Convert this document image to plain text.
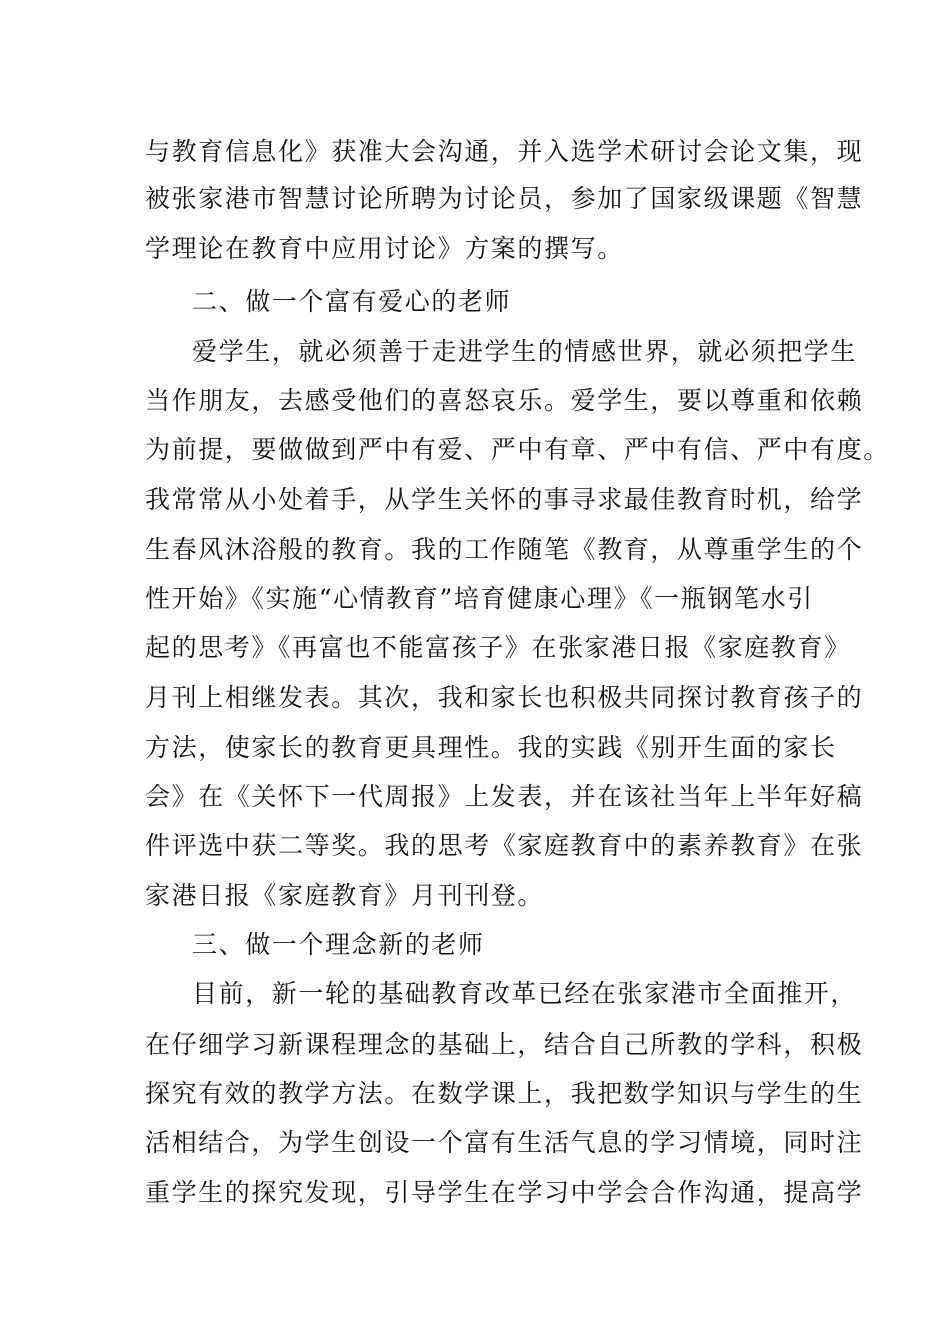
与教育信息化》获准大会沟通，并入选学术研讨会论文集，现
被张家港市智慧讨论所聘为讨论员，参加了国家级课题《智慧
学理论在教育中应用讨论》方案的撰写。
二、做一个富有爱心的老师
爱学生，就必须善于走进学生的情感世界，就必须把学生
当作朋友，去感受他们的喜怒哀乐。爱学生，要以尊重和依赖
为前提，要做做到严中有爱、严中有章、严中有信、严中有度。
我常常从小处着手，从学生关怀的事寻求最佳教育时机，给学
生春风沐浴般的教育。我的工作随笔《教育，从尊重学生的个
性开始》《实施“心情教育”培育健康心理》《一瓶钢笔水引
起的思考》《再富也不能富孩子》在张家港日报《家庭教育》
月刊上相继发表。其次，我和家长也积极共同探讨教育孩子的
方法，使家长的教育更具理性。我的实践《别开生面的家长
会》在《关怀下一代周报》上发表，并在该社当年上半年好稿
件评选中获二等奖。我的思考《家庭教育中的素养教育》在张
家港日报《家庭教育》月刊刊登。
三、做一个理念新的老师
目前，新一轮的基础教育改革已经在张家港市全面推开，
在仔细学习新课程理念的基础上，结合自己所教的学科，积极
探究有效的教学方法。在数学课上，我把数学知识与学生的生
活相结合，为学生创设一个富有生活气息的学习情境，同时注
重学生的探究发现，引导学生在学习中学会合作沟通，提高学
